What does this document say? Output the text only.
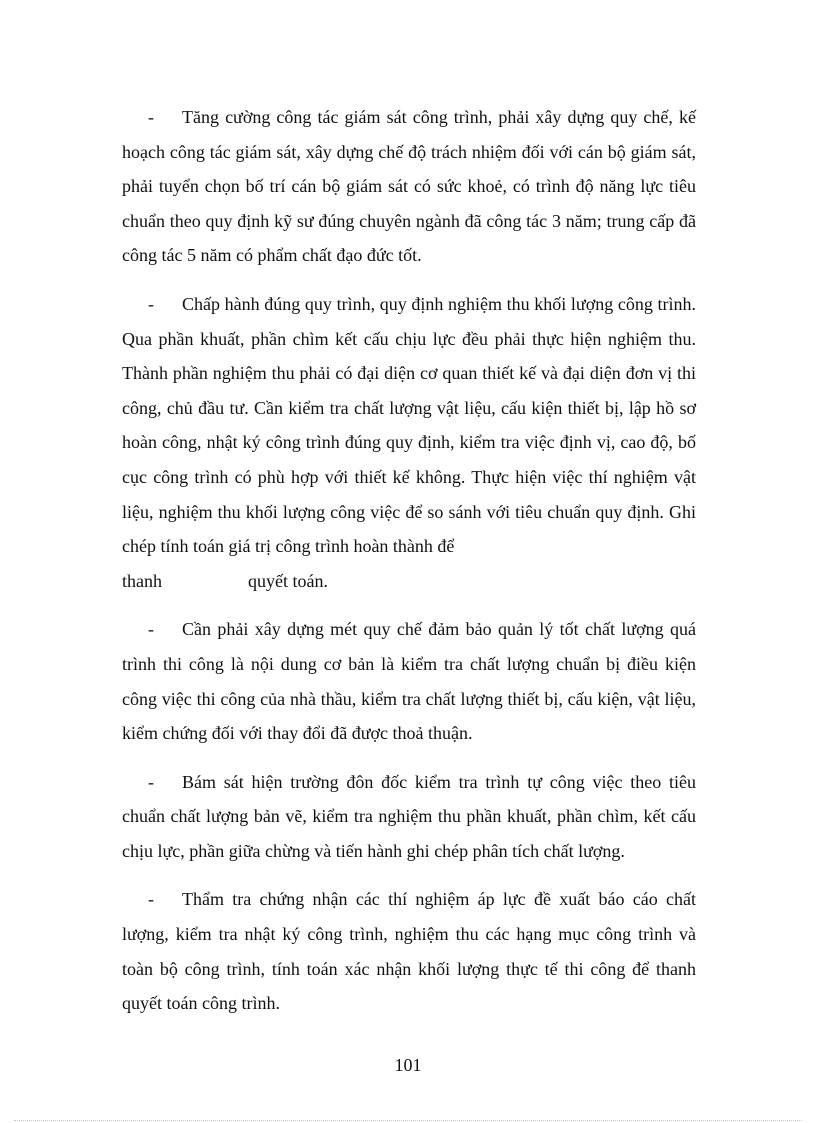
- Tăng cường công tác giám sát công trình, phải xây dựng quy chế, kế hoạch công tác giám sát, xây dựng chế độ trách nhiệm đối với cán bộ giám sát, phải tuyển chọn bố trí cán bộ giám sát có sức khoẻ, có trình độ năng lực tiêu chuẩn theo quy định kỹ sư đúng chuyên ngành đã công tác 3 năm; trung cấp đã công tác 5 năm có phẩm chất đạo đức tốt.

- Chấp hành đúng quy trình, quy định nghiệm thu khối lượng công trình. Qua phần khuất, phần chìm kết cấu chịu lực đều phải thực hiện nghiệm thu. Thành phần nghiệm thu phải có đại diện cơ quan thiết kế và đại diện đơn vị thi công, chủ đầu tư. Cần kiểm tra chất lượng vật liệu, cấu kiện thiết bị, lập hồ sơ hoàn công, nhật ký công trình đúng quy định, kiểm tra việc định vị, cao độ, bố cục công trình có phù hợp với thiết kế không. Thực hiện việc thí nghiệm vật liệu, nghiệm thu khối lượng công việc để so sánh với tiêu chuẩn quy định. Ghi chép tính toán giá trị công trình hoàn thành để
thanh	quyết toán.

- Cần phải xây dựng mét quy chế đảm bảo quản lý tốt chất lượng quá trình thi công là nội dung cơ bản là kiểm tra chất lượng chuẩn bị điều kiện công việc thi công của nhà thầu, kiểm tra chất lượng thiết bị, cấu kiện, vật liệu, kiểm chứng đối với thay đổi đã được thoả thuận.

- Bám sát hiện trường đôn đốc kiểm tra trình tự công việc theo tiêu chuẩn chất lượng bản vẽ, kiểm tra nghiệm thu phần khuất, phần chìm, kết cấu chịu lực, phần giữa chừng và tiến hành ghi chép phân tích chất lượng.

- Thẩm tra chứng nhận các thí nghiệm áp lực đề xuất báo cáo chất lượng, kiểm tra nhật ký công trình, nghiệm thu các hạng mục công trình và toàn bộ công trình, tính toán xác nhận khối lượng thực tế thi công để thanh quyết toán công trình.

101
